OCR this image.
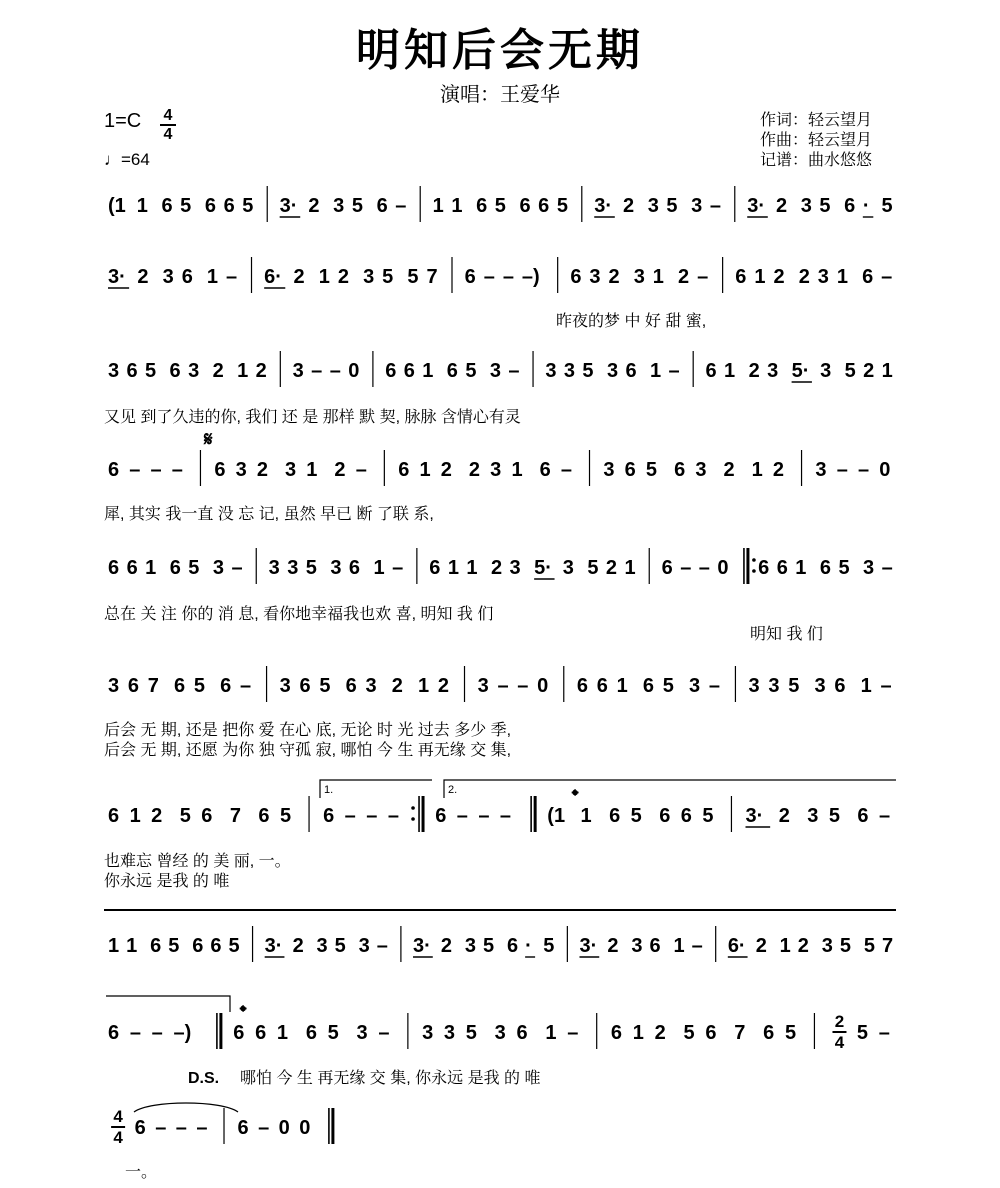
明知后会无期
演唱：王爱华
1=C 4
4
♩=64
作词：轻云望月
作曲：轻云望月
记谱：曲水悠悠
(1 1 6 5 6 6 5 3· 2 3 5 6 – 1 1 6 5 6 6 5 3· 2 3 5 3 – 3· 2 3 5 6 · 5
3· 2 3 6 1 – 6· 2 1 2 3 5 5 7 6 – – –) 6 3 2 3 1 2 – 6 1 2 2 3 1 6 –
昨夜的梦 中 好 甜 蜜,
3 6 5 6 3 2 1 2 3 – – 0 6 6 1 6 5 3 – 3 3 5 3 6 1 – 6 1 2 3 5· 3 5 2 1
又见 到了久违的你, 我们 还 是 那样 默 契, 脉脉 含情心有灵
6 – – – 6 3 2 3 1 2 – 6 1 2 2 3 1 6 – 3 6 5 6 3 2 1 2 3 – – 0
犀, 其实 我一直 没 忘 记, 虽然 早已 断 了联 系,
6 6 1 6 5 3 – 3 3 5 3 6 1 – 6 1 1 2 3 5· 3 5 2 1 6 – – 0 6 6 1 6 5 3 –
总在 关 注 你的 消 息, 看你地幸福我也欢 喜, 明知 我 们
明知 我 们
3 6 7 6 5 6 – 3 6 5 6 3 2 1 2 3 – – 0 6 6 1 6 5 3 – 3 3 5 3 6 1 –
后会 无 期, 还是 把你 爱 在心 底, 无论 时 光 过去 多少 季,
后会 无 期, 还愿 为你 独 守孤 寂, 哪怕 今 生 再无缘 交 集,
6 1 2 5 6 7 6 5 6 – – – 6 – – – (1 1 6 5 6 6 5 3· 2 3 5 6 –
也难忘 曾经 的 美 丽, 一。
你永远 是我 的 唯
1 1 6 5 6 6 5 3· 2 3 5 3 – 3· 2 3 5 6 · 5 3· 2 3 6 1 – 6· 2 1 2 3 5 5 7
6 – – –) 6 6 1 6 5 3 – 3 3 5 3 6 1 – 6 1 2 5 6 7 6 5
2
4 5 –
哪怕 今 生 再无缘 交 集, 你永远 是我 的 唯
4
4 6 – – – 6 – 0 0
一。
𝄋
𝄌
𝄌
D.S.
1.	2.
